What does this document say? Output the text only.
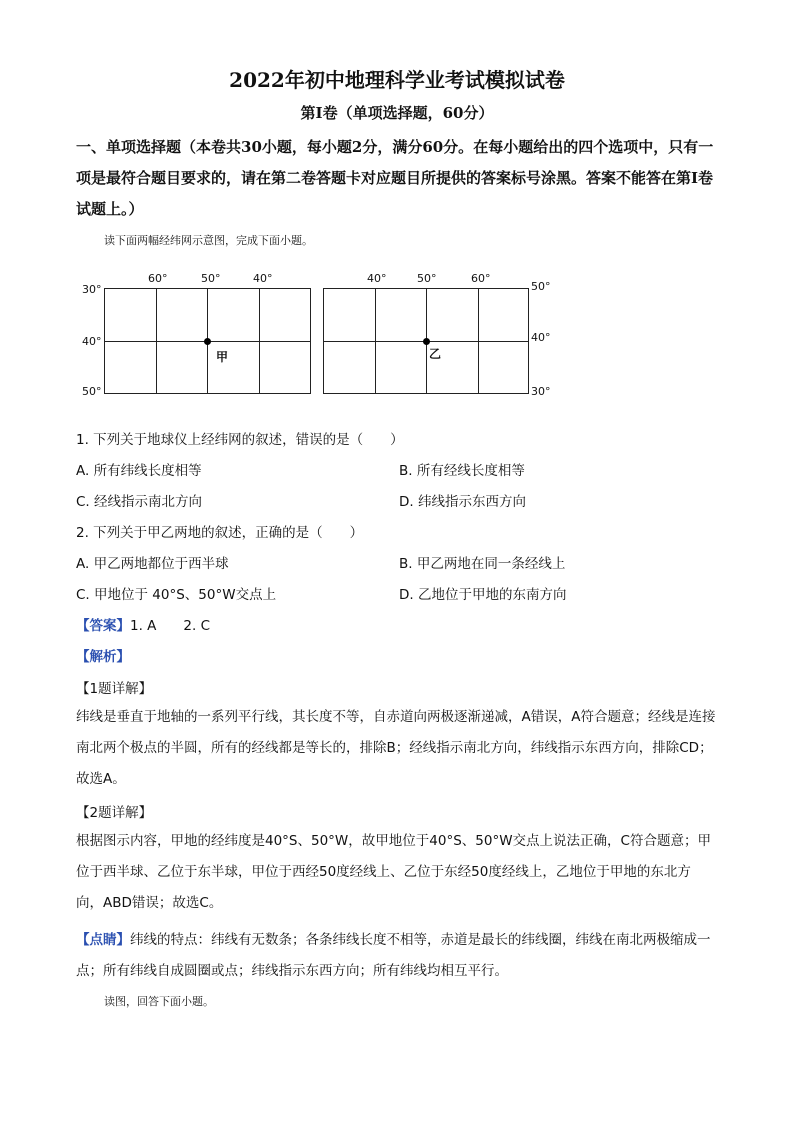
2022年初中地理科学业考试模拟试卷
第Ⅰ卷（单项选择题，60分）
一、单项选择题（本卷共30小题，每小题2分，满分60分。在每小题给出的四个选项中，只有一项是最符合题目要求的，请在第二卷答题卡对应题目所提供的答案标号涂黑。答案不能答在第Ⅰ卷试题上。）
读下面两幅经纬网示意图，完成下面小题。
60°	50°	40°
30°
40°
50°
甲
40°	50°	60°
50°
40°
30°
乙
1. 下列关于地球仪上经纬网的叙述，错误的是（　　）
A. 所有纬线长度相等	B. 所有经线长度相等
C. 经线指示南北方向	D. 纬线指示东西方向
2. 下列关于甲乙两地的叙述，正确的是（　　）
A. 甲乙两地都位于西半球	B. 甲乙两地在同一条经线上
C. 甲地位于 40°S、50°W交点上	D. 乙地位于甲地的东南方向
【答案】1. A　　2. C
【解析】
【1题详解】
纬线是垂直于地轴的一系列平行线，其长度不等，自赤道向两极逐渐递减，A错误，A符合题意；经线是连接南北两个极点的半圆，所有的经线都是等长的，排除B；经线指示南北方向，纬线指示东西方向，排除CD；故选A。
【2题详解】
根据图示内容，甲地的经纬度是40°S、50°W，故甲地位于40°S、50°W交点上说法正确，C符合题意；甲位于西半球、乙位于东半球，甲位于西经50度经线上、乙位于东经50度经线上，乙地位于甲地的东北方向，ABD错误；故选C。
【点睛】纬线的特点：纬线有无数条；各条纬线长度不相等，赤道是最长的纬线圈，纬线在南北两极缩成一点；所有纬线自成圆圈或点；纬线指示东西方向；所有纬线均相互平行。
读图，回答下面小题。
